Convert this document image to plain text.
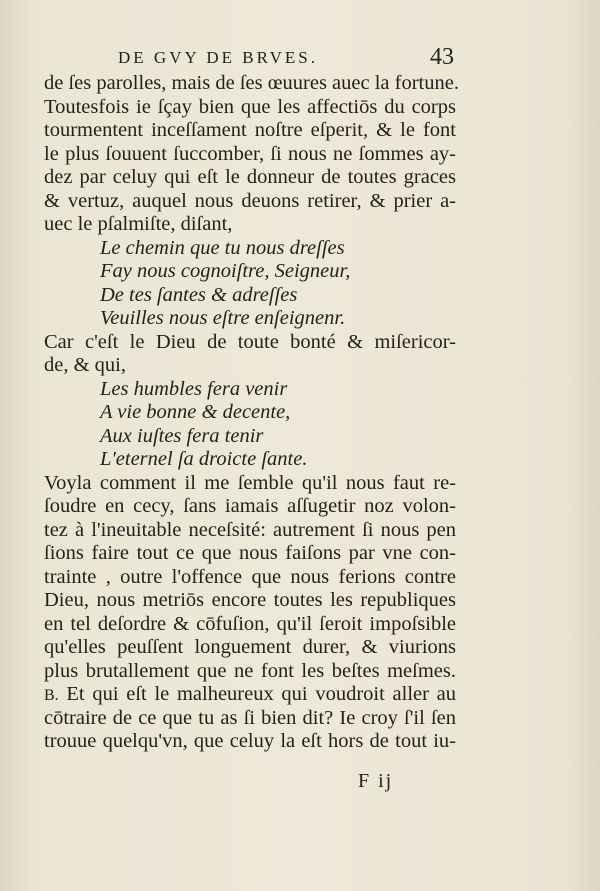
DE GVY DE BRVES.	43
de ſes parolles, mais de ſes œuures auec la fortune.
Toutesfois ie ſçay bien que les affectiōs du corps
tourmentent inceſſament noſtre eſperit, & le font
le plus ſouuent ſuccomber, ſi nous ne ſommes ay-
dez par celuy qui eſt le donneur de toutes graces
& vertuz, auquel nous deuons retirer, & prier a-
uec le pſalmiſte, diſant,
Le chemin que tu nous dreſſes
Fay nous cognoiſtre, Seigneur,
De tes ſantes & adreſſes
Veuilles nous eſtre enſeignenr.
Car c'eſt le Dieu de toute bonté & miſericor-
de, & qui,
Les humbles fera venir
A vie bonne & decente,
Aux iuſtes fera tenir
L'eternel ſa droicte ſante.
Voyla comment il me ſemble qu'il nous faut re-
ſoudre en cecy, ſans iamais aſſugetir noz volon-
tez à l'ineuitable neceſsité: autrement ſi nous pen
ſions faire tout ce que nous faiſons par vne con-
trainte , outre l'offence que nous ferions contre
Dieu, nous metriōs encore toutes les republiques
en tel deſordre & cōfuſion, qu'il ſeroit impoſsible
qu'elles peuſſent longuement durer, & viurions
plus brutallement que ne font les beſtes meſmes.
B. Et qui eſt le malheureux qui voudroit aller au
cōtraire de ce que tu as ſi bien dit? Ie croy ſ'il ſen
trouue quelqu'vn, que celuy la eſt hors de tout iu-
F ij
